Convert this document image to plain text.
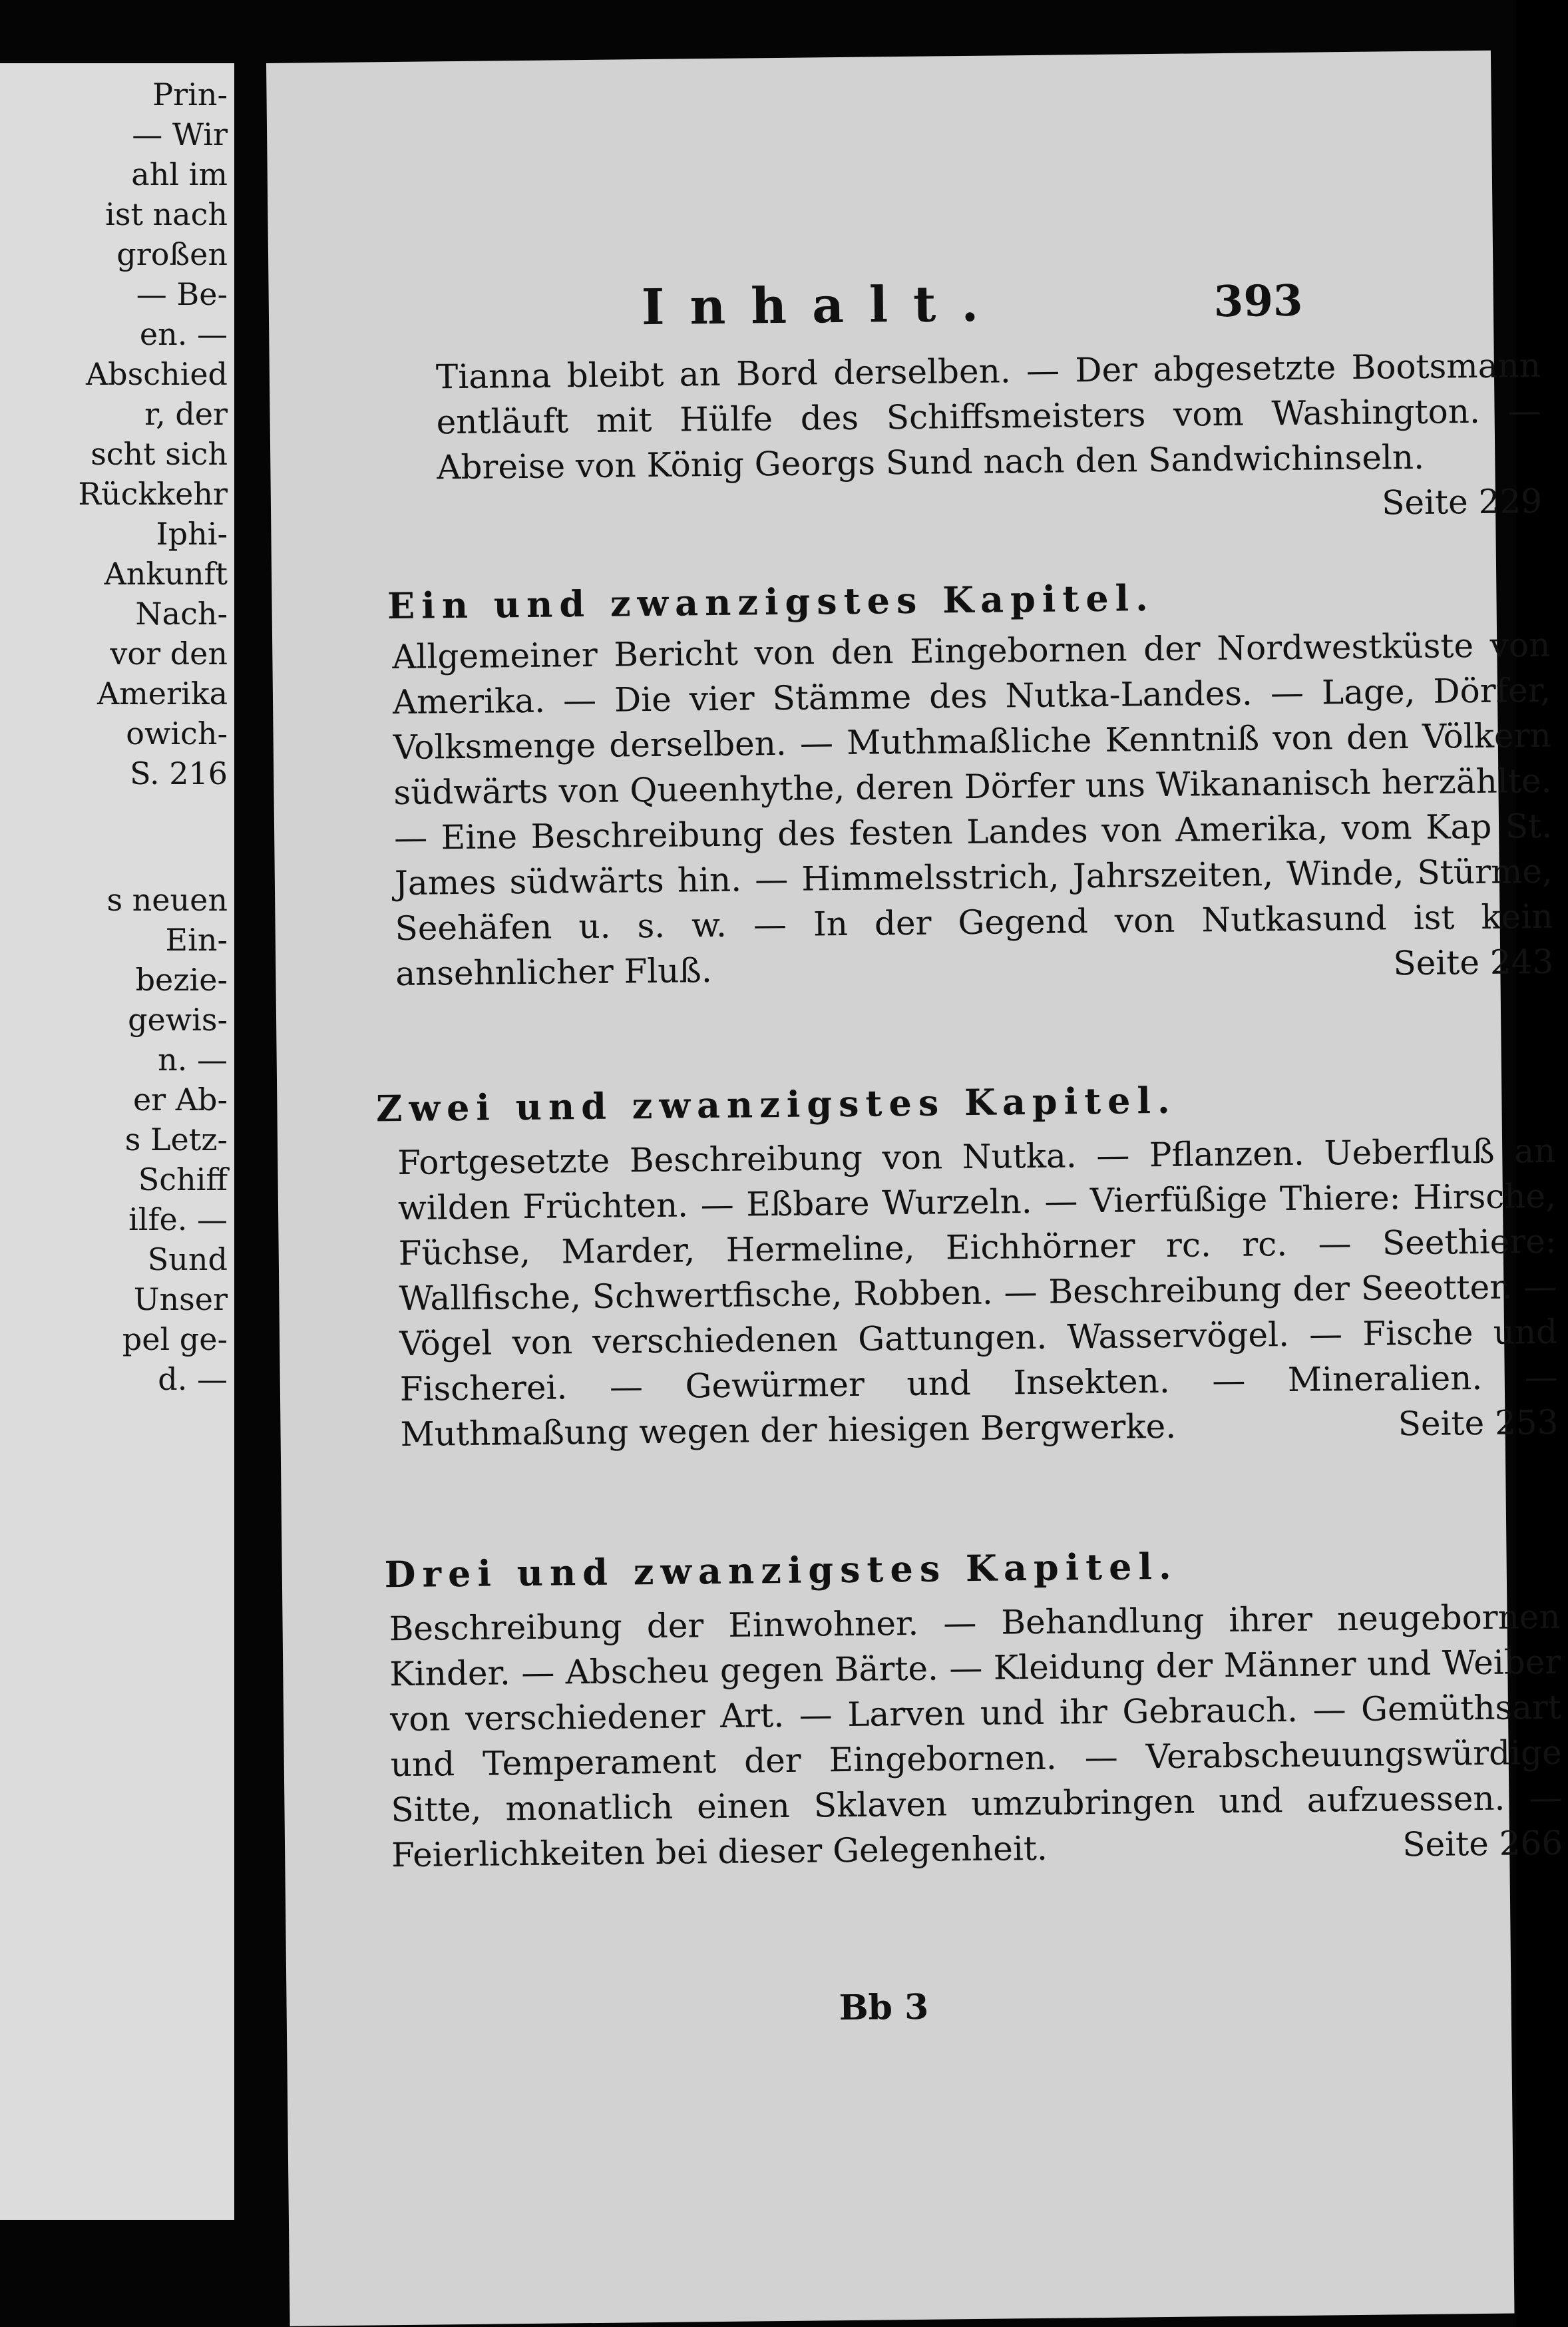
Prin-
— Wir
ahl im
ist nach
großen
— Be-
en. —
Abschied
r, der
scht sich
Rückkehr
Iphi-
Ankunft
Nach-
vor den
Amerika
owich-
S. 216
s neuen
Ein-
bezie-
gewis-
n. —
er Ab-
s Letz-
Schiff
ilfe. —
Sund
Unser
pel ge-
d. —
Inhalt.	393

Tianna bleibt an Bord derselben. — Der abgesetzte Bootsmann entläuft mit Hülfe des Schiffsmeisters vom Washington. — Abreise von König Georgs Sund nach den Sandwichinseln.
Seite 229

Ein und zwanzigstes Kapitel.

Allgemeiner Bericht von den Eingebornen der Nordwestküste von Amerika. — Die vier Stämme des Nutka-Landes. — Lage, Dörfer, Volksmenge derselben. — Muthmaßliche Kenntniß von den Völkern südwärts von Queenhythe, deren Dörfer uns Wikananisch herzählte. — Eine Beschreibung des festen Landes von Amerika, vom Kap St. James südwärts hin. — Himmelsstrich, Jahrszeiten, Winde, Stürme, Seehäfen u. s. w. — In der Gegend von Nutkasund ist kein ansehnlicher Fluß.	Seite 243

Zwei und zwanzigstes Kapitel.

Fortgesetzte Beschreibung von Nutka. — Pflanzen. Ueberfluß an wilden Früchten. — Eßbare Wurzeln. — Vierfüßige Thiere: Hirsche, Füchse, Marder, Hermeline, Eichhörner rc. rc. — Seethiere: Wallfische, Schwertfische, Robben. — Beschreibung der Seeotter. — Vögel von verschiedenen Gattungen. Wasservögel. — Fische und Fischerei. — Gewürmer und Insekten. — Mineralien. — Muthmaßung wegen der hiesigen Bergwerke.	Seite 253

Drei und zwanzigstes Kapitel.

Beschreibung der Einwohner. — Behandlung ihrer neugebornen Kinder. — Abscheu gegen Bärte. — Kleidung der Männer und Weiber von verschiedener Art. — Larven und ihr Gebrauch. — Gemüthsart und Temperament der Eingebornen. — Verabscheuungswürdige Sitte, monatlich einen Sklaven umzubringen und aufzuessen. — Feierlichkeiten bei dieser Gelegenheit.	Seite 266

Bb 3
